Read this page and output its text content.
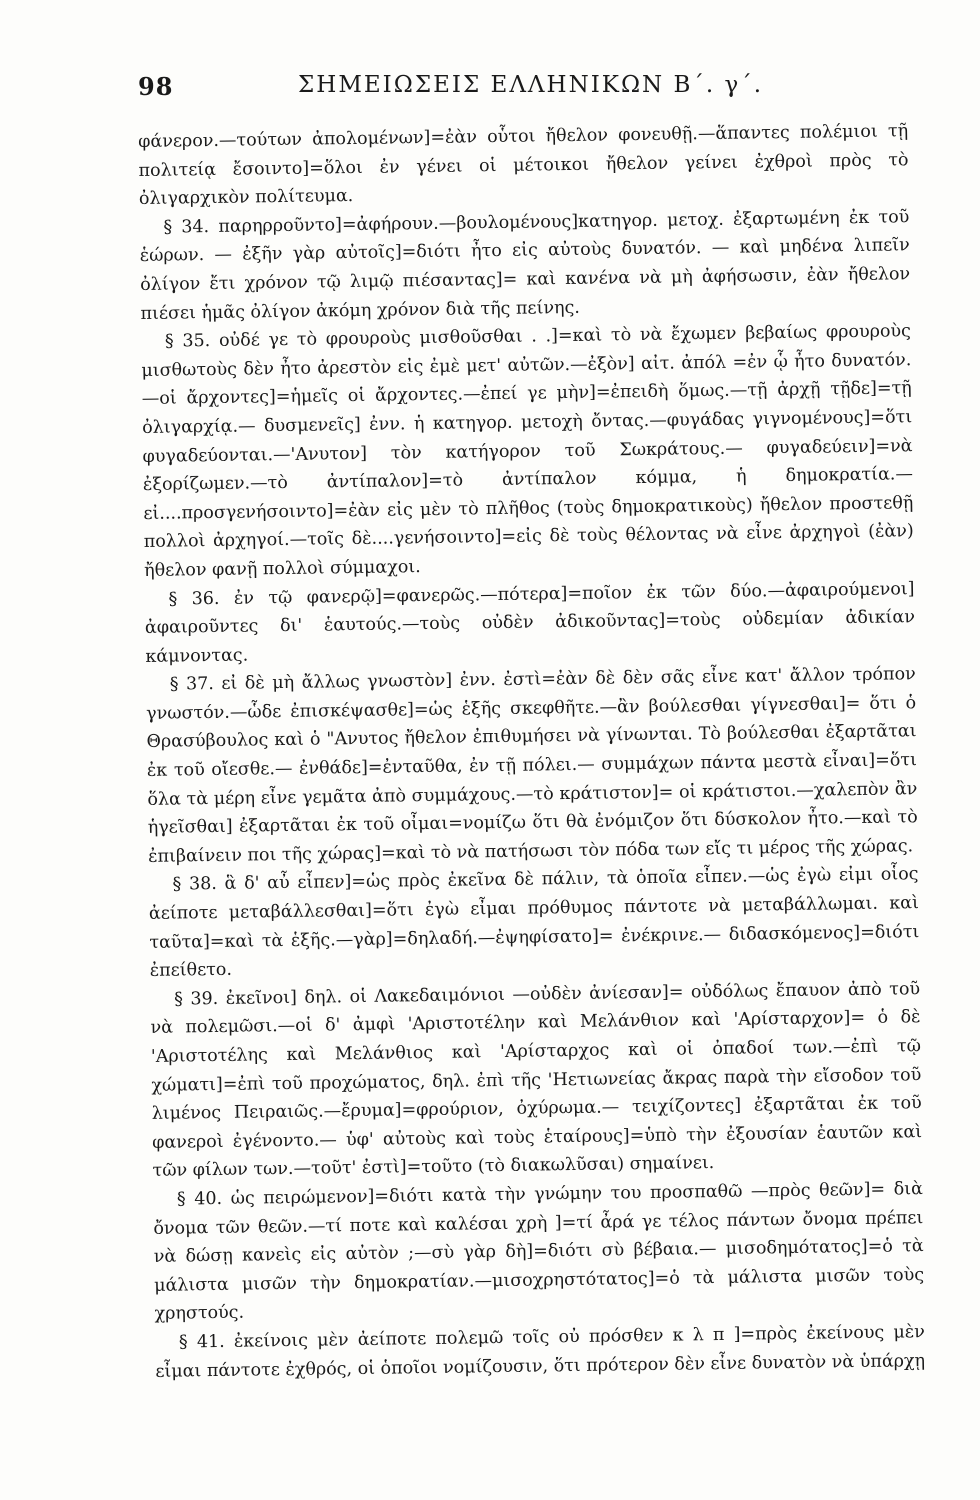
98	ΣΗΜΕΙΩΣΕΙΣ ΕΛΛΗΝΙΚΩΝ Β΄. γ΄.

φάνερον.—τούτων ἀπολομένων]=ἐὰν οὗτοι ἤθελον φονευθῇ.—ἅπαντες πολέμιοι τῇ πολιτείᾳ ἔσοιντο]=ὅλοι ἐν γένει οἱ μέτοικοι ἤθελον γείνει ἐχθροὶ πρὸς τὸ ὀλιγαρχικὸν πολίτευμα.

§ 34. παρηρροῦντο]=ἀφήρουν.—βουλομένους]κατηγορ. μετοχ. ἐξαρτωμένη ἐκ τοῦ ἑώρων. — ἐξῆν γὰρ αὐτοῖς]=διότι ἦτο εἰς αὐτοὺς δυνατόν. — καὶ μηδένα λιπεῖν ὀλίγον ἔτι χρόνον τῷ λιμῷ πιέσαντας]= καὶ κανένα νὰ μὴ ἀφήσωσιν, ἐὰν ἤθελον πιέσει ἡμᾶς ὀλίγον ἀκόμη χρόνον διὰ τῆς πείνης.

§ 35. οὐδέ γε τὸ φρουροὺς μισθοῦσθαι . .]=καὶ τὸ νὰ ἔχωμεν βεβαίως φρουροὺς μισθωτοὺς δὲν ἦτο ἀρεστὸν εἰς ἐμὲ μετ' αὐτῶν.—ἐξὸν] αἰτ. ἀπόλ =ἐν ᾧ ἦτο δυνατόν.—οἱ ἄρχοντες]=ἡμεῖς οἱ ἄρχοντες.—ἐπεί γε μὴν]=ἐπειδὴ ὅμως.—τῇ ἀρχῇ τῇδε]=τῇ ὀλιγαρχίᾳ.— δυσμενεῖς] ἐνν. ἡ κατηγορ. μετοχὴ ὄντας.—φυγάδας γιγνομένους]=ὅτι φυγαδεύονται.—'Ανυτον] τὸν κατήγορον τοῦ Σωκράτους.— φυγαδεύειν]=νὰ ἐξορίζωμεν.—τὸ ἀντίπαλον]=τὸ ἀντίπαλον κόμμα, ἡ δημοκρατία.— εἰ....προσγενήσοιντο]=ἐὰν εἰς μὲν τὸ πλῆθος (τοὺς δημοκρατικοὺς) ἤθελον προστεθῇ πολλοὶ ἀρχηγοί.—τοῖς δὲ....γενήσοιντο]=εἰς δὲ τοὺς θέλοντας νὰ εἶνε ἀρχηγοὶ (ἐὰν) ἤθελον φανῇ πολλοὶ σύμμαχοι.

§ 36. ἐν τῷ φανερῷ]=φανερῶς.—πότερα]=ποῖον ἐκ τῶν δύο.—ἀφαιρούμενοι] ἀφαιροῦντες δι' ἑαυτούς.—τοὺς οὐδὲν ἀδικοῦντας]=τοὺς οὐδεμίαν ἀδικίαν κάμνοντας.

§ 37. εἰ δὲ μὴ ἄλλως γνωστὸν] ἐνν. ἐστὶ=ἐὰν δὲ δὲν σᾶς εἶνε κατ' ἄλλον τρόπον γνωστόν.—ὧδε ἐπισκέψασθε]=ὡς ἑξῆς σκεφθῆτε.—ἂν βούλεσθαι γίγνεσθαι]= ὅτι ὁ Θρασύβουλος καὶ ὁ "Ανυτος ἤθελον ἐπιθυμήσει νὰ γίνωνται. Τὸ βούλεσθαι ἐξαρτᾶται ἐκ τοῦ οἴεσθε.— ἐνθάδε]=ἐνταῦθα, ἐν τῇ πόλει.— συμμάχων πάντα μεστὰ εἶναι]=ὅτι ὅλα τὰ μέρη εἶνε γεμᾶτα ἀπὸ συμμάχους.—τὸ κράτιστον]= οἱ κράτιστοι.—χαλεπὸν ἂν ἡγεῖσθαι] ἐξαρτᾶται ἐκ τοῦ οἶμαι=νομίζω ὅτι θὰ ἐνόμιζον ὅτι δύσκολον ἦτο.—καὶ τὸ ἐπιβαίνειν ποι τῆς χώρας]=καὶ τὸ νὰ πατήσωσι τὸν πόδα των εἴς τι μέρος τῆς χώρας.

§ 38. ἃ δ' αὖ εἶπεν]=ὡς πρὸς ἐκεῖνα δὲ πάλιν, τὰ ὁποῖα εἶπεν.—ὡς ἐγὼ εἰμι οἷος ἀείποτε μεταβάλλεσθαι]=ὅτι ἐγὼ εἶμαι πρόθυμος πάντοτε νὰ μεταβάλλωμαι. καὶ ταῦτα]=καὶ τὰ ἑξῆς.—γὰρ]=δηλαδή.—ἐψηφίσατο]= ἐνέκρινε.— διδασκόμενος]=διότι ἐπείθετο.

§ 39. ἐκεῖνοι] δηλ. οἱ Λακεδαιμόνιοι —οὐδὲν ἀνίεσαν]= οὐδόλως ἔπαυον ἀπὸ τοῦ νὰ πολεμῶσι.—οἱ δ' ἀμφὶ 'Αριστοτέλην καὶ Μελάνθιον καὶ 'Αρίσταρχον]= ὁ δὲ 'Αριστοτέλης καὶ Μελάνθιος καὶ 'Αρίσταρχος καὶ οἱ ὀπαδοί των.—ἐπὶ τῷ χώματι]=ἐπὶ τοῦ προχώματος, δηλ. ἐπὶ τῆς 'Ηετιωνείας ἄκρας παρὰ τὴν εἴσοδον τοῦ λιμένος Πειραιῶς.—ἔρυμα]=φρούριον, ὀχύρωμα.— τειχίζοντες] ἐξαρτᾶται ἐκ τοῦ φανεροὶ ἐγένοντο.— ὑφ' αὐτοὺς καὶ τοὺς ἑταίρους]=ὑπὸ τὴν ἐξουσίαν ἑαυτῶν καὶ τῶν φίλων των.—τοῦτ' ἐστὶ]=τοῦτο (τὸ διακωλῦσαι) σημαίνει.

§ 40. ὡς πειρώμενον]=διότι κατὰ τὴν γνώμην του προσπαθῶ —πρὸς θεῶν]= διὰ ὄνομα τῶν θεῶν.—τί ποτε καὶ καλέσαι χρὴ ]=τί ἆρά γε τέλος πάντων ὄνομα πρέπει νὰ δώσῃ κανεὶς εἰς αὐτὸν ;—σὺ γὰρ δὴ]=διότι σὺ βέβαια.— μισοδημότατος]=ὁ τὰ μάλιστα μισῶν τὴν δημοκρατίαν.—μισοχρηστότατος]=ὁ τὰ μάλιστα μισῶν τοὺς χρηστούς.

§ 41. ἐκείνοις μὲν ἀείποτε πολεμῶ τοῖς οὐ πρόσθεν κ λ π ]=πρὸς ἐκείνους μὲν εἶμαι πάντοτε ἐχθρός, οἱ ὁποῖοι νομίζουσιν, ὅτι πρότερον δὲν εἶνε δυνατὸν νὰ ὑπάρχῃ
